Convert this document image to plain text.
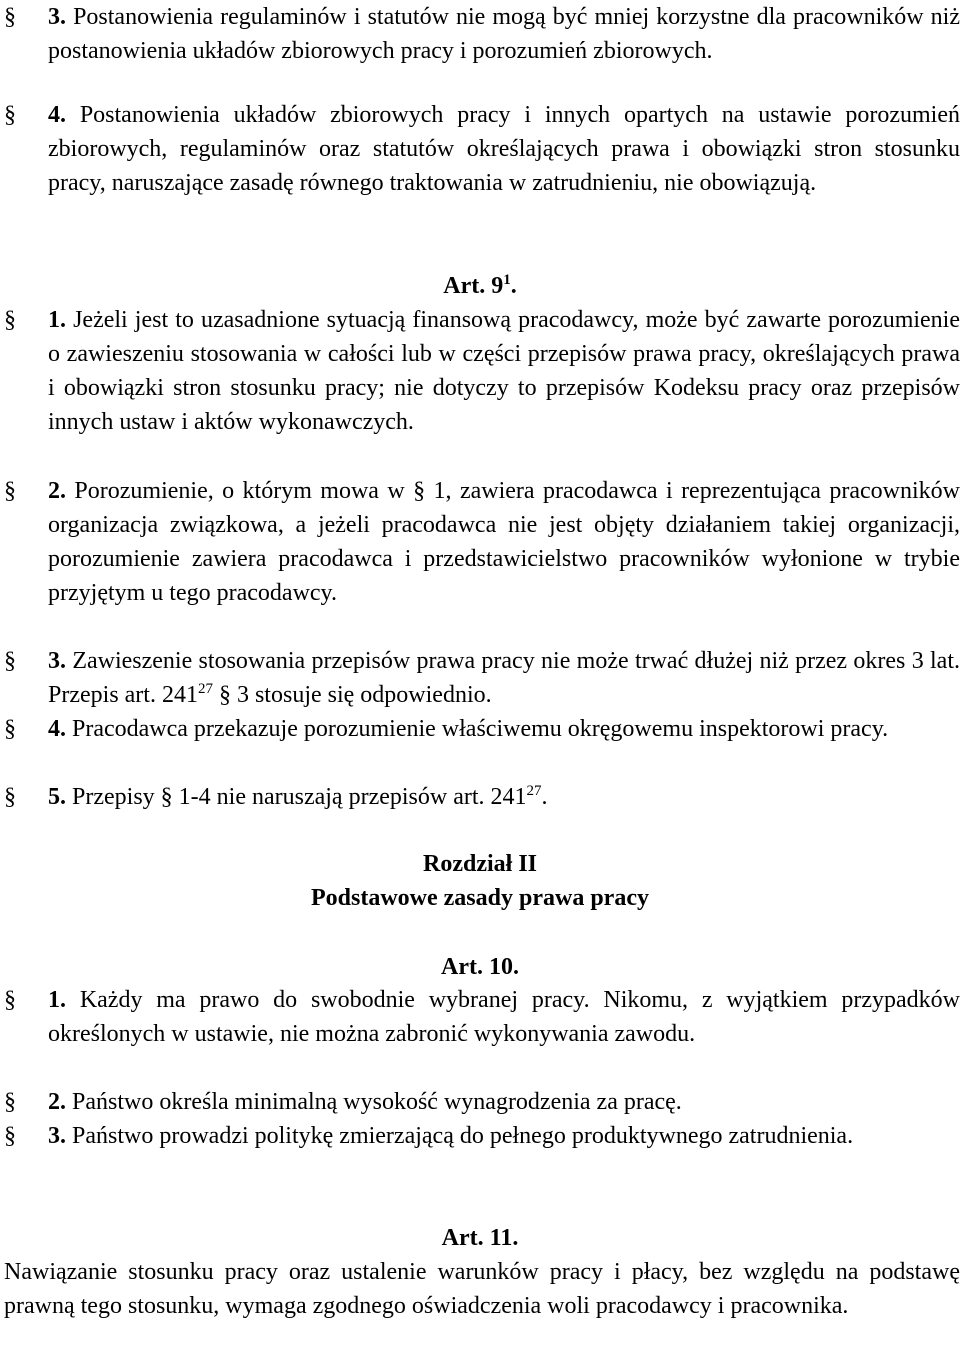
§	3. Postanowienia regulaminów i statutów nie mogą być mniej korzystne dla pracowników niż postanowienia układów zbiorowych pracy i porozumień zbiorowych.

§	4. Postanowienia układów zbiorowych pracy i innych opartych na ustawie porozumień zbiorowych, regulaminów oraz statutów określających prawa i obowiązki stron stosunku pracy, naruszające zasadę równego traktowania w zatrudnieniu, nie obowiązują.

Art. $9^1$.

§	1. Jeżeli jest to uzasadnione sytuacją finansową pracodawcy, może być zawarte porozumienie o zawieszeniu stosowania w całości lub w części przepisów prawa pracy, określających prawa i obowiązki stron stosunku pracy; nie dotyczy to przepisów Kodeksu pracy oraz przepisów innych ustaw i aktów wykonawczych.

§	2. Porozumienie, o którym mowa w § 1, zawiera pracodawca i reprezentująca pracowników organizacja związkowa, a jeżeli pracodawca nie jest objęty działaniem takiej organizacji, porozumienie zawiera pracodawca i przedstawicielstwo pracowników wyłonione w trybie przyjętym u tego pracodawcy.

§	3. Zawieszenie stosowania przepisów prawa pracy nie może trwać dłużej niż przez okres 3 lat. Przepis art. $241^{27}$ § 3 stosuje się odpowiednio.

§	4. Pracodawca przekazuje porozumienie właściwemu okręgowemu inspektorowi pracy.

§	5. Przepisy § 1-4 nie naruszają przepisów art. $241^{27}$.

Rozdział II

Podstawowe zasady prawa pracy

Art. 10.

§	1. Każdy ma prawo do swobodnie wybranej pracy. Nikomu, z wyjątkiem przypadków określonych w ustawie, nie można zabronić wykonywania zawodu.

§	2. Państwo określa minimalną wysokość wynagrodzenia za pracę.

§	3. Państwo prowadzi politykę zmierzającą do pełnego produktywnego zatrudnienia.

Art. 11.

Nawiązanie stosunku pracy oraz ustalenie warunków pracy i płacy, bez względu na podstawę prawną tego stosunku, wymaga zgodnego oświadczenia woli pracodawcy i pracownika.
